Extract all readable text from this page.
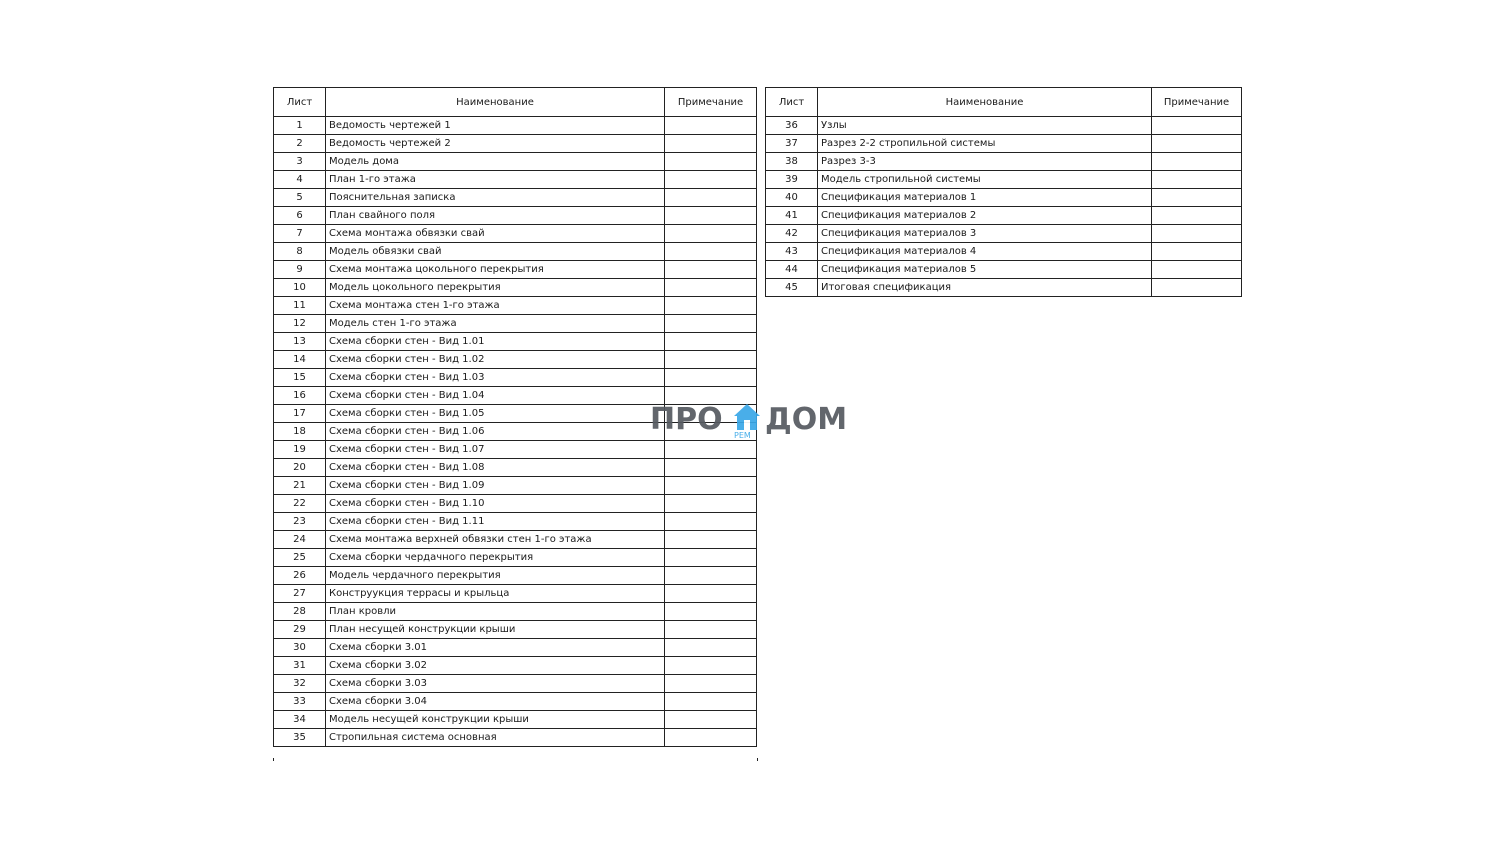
Лист	Наименование	Примечание
1	Ведомость чертежей 1	
2	Ведомость чертежей 2	
3	Модель дома	
4	План 1-го этажа	
5	Пояснительная записка	
6	План свайного поля	
7	Схема монтажа обвязки свай	
8	Модель обвязки свай	
9	Схема монтажа цокольного перекрытия	
10	Модель цокольного перекрытия	
11	Схема монтажа стен 1-го этажа	
12	Модель стен 1-го этажа	
13	Схема сборки стен - Вид 1.01	
14	Схема сборки стен - Вид 1.02	
15	Схема сборки стен - Вид 1.03	
16	Схема сборки стен - Вид 1.04	
17	Схема сборки стен - Вид 1.05	
18	Схема сборки стен - Вид 1.06	
19	Схема сборки стен - Вид 1.07	
20	Схема сборки стен - Вид 1.08	
21	Схема сборки стен - Вид 1.09	
22	Схема сборки стен - Вид 1.10	
23	Схема сборки стен - Вид 1.11	
24	Схема монтажа верхней обвязки стен 1-го этажа	
25	Схема сборки чердачного перекрытия	
26	Модель чердачного перекрытия	
27	Конструукция террасы и крыльца	
28	План кровли	
29	План несущей конструкции крыши	
30	Схема сборки 3.01	
31	Схема сборки 3.02	
32	Схема сборки 3.03	
33	Схема сборки 3.04	
34	Модель несущей конструкции крыши	
35	Стропильная система основная	
Лист	Наименование	Примечание
36	Узлы	
37	Разрез 2-2 стропильной системы	
38	Разрез 3-3	
39	Модель стропильной системы	
40	Спецификация материалов 1	
41	Спецификация материалов 2	
42	Спецификация материалов 3	
43	Спецификация материалов 4	
44	Спецификация материалов 5	
45	Итоговая спецификация	
ПРО РЕМ ДОМ
